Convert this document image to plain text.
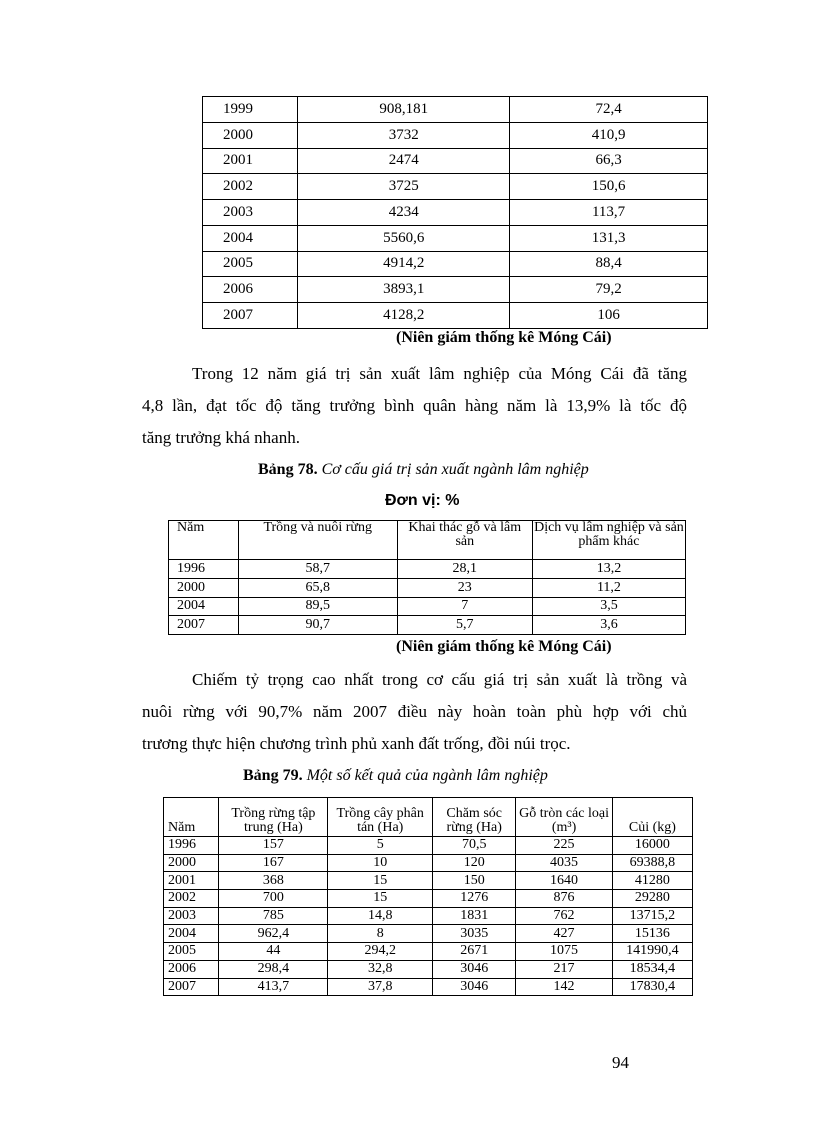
1999	908,181	72,4
2000	3732	410,9
2001	2474	66,3
2002	3725	150,6
2003	4234	113,7
2004	5560,6	131,3
2005	4914,2	88,4
2006	3893,1	79,2
2007	4128,2	106
(Niên giám thống kê Móng Cái)
Trong 12 năm giá trị sản xuất lâm nghiệp của Móng Cái đã tăng
4,8 lần, đạt tốc độ tăng trưởng bình quân hàng năm là 13,9% là tốc độ
tăng trưởng khá nhanh.
Bảng 78. Cơ cấu giá trị sản xuất ngành lâm nghiệp
Đơn vị: %
Năm	Trồng và nuôi rừng	Khai thác gỗ và lâm sản	Dịch vụ lâm nghiệp và sản phẩm khác
1996	58,7	28,1	13,2
2000	65,8	23	11,2
2004	89,5	7	3,5
2007	90,7	5,7	3,6
(Niên giám thống kê Móng Cái)
Chiếm tỷ trọng cao nhất trong cơ cấu giá trị sản xuất là trồng và
nuôi rừng với 90,7% năm 2007 điều này hoàn toàn phù hợp với chủ
trương thực hiện chương trình phủ xanh đất trống, đồi núi trọc.
Bảng 79. Một số kết quả của ngành lâm nghiệp
Năm	Trồng rừng tập trung (Ha)	Trồng cây phân tán (Ha)	Chăm sóc rừng (Ha)	Gỗ tròn các loại (m³)	Củi (kg)
1996	157	5	70,5	225	16000
2000	167	10	120	4035	69388,8
2001	368	15	150	1640	41280
2002	700	15	1276	876	29280
2003	785	14,8	1831	762	13715,2
2004	962,4	8	3035	427	15136
2005	44	294,2	2671	1075	141990,4
2006	298,4	32,8	3046	217	18534,4
2007	413,7	37,8	3046	142	17830,4
94
